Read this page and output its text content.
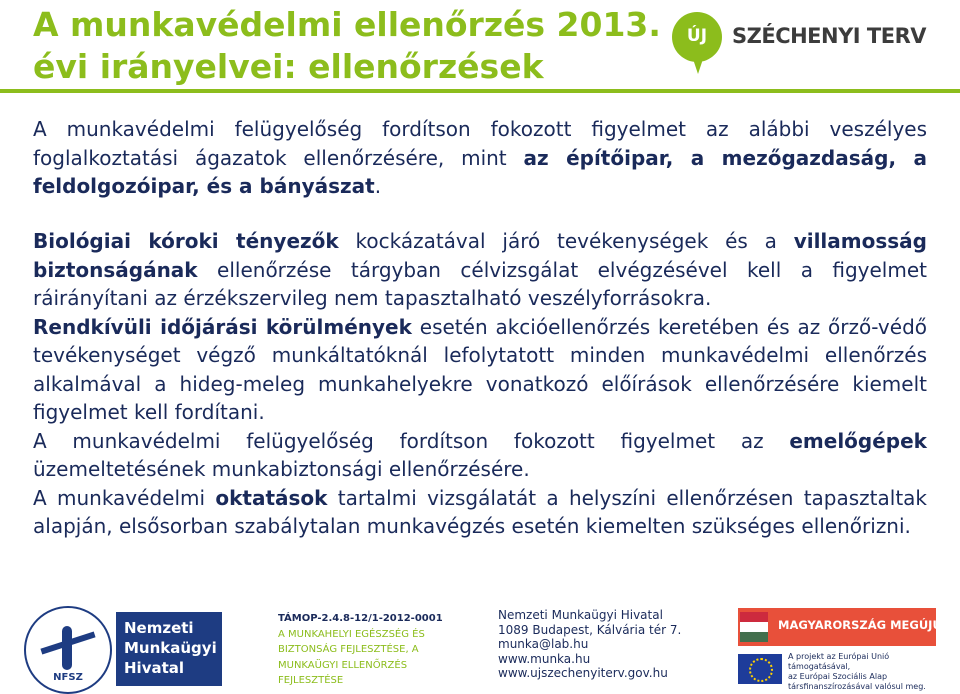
A munkavédelmi ellenőrzés 2013.
évi irányelvei: ellenőrzések
ÚJ	SZÉCHENYI TERV

A munkavédelmi felügyelőség fordítson fokozott figyelmet az alábbi veszélyes foglalkoztatási ágazatok ellenőrzésére, mint az építőipar, a mezőgazdaság, a feldolgozóipar, és a bányászat.

Biológiai kóroki tényezők kockázatával járó tevékenységek és a villamosság biztonságának ellenőrzése tárgyban célvizsgálat elvégzésével kell a figyelmet ráirányítani az érzékszervileg nem tapasztalható veszélyforrásokra.

Rendkívüli időjárási körülmények esetén akcióellenőrzés keretében és az őrző-védő tevékenységet végző munkáltatóknál lefolytatott minden munkavédelmi ellenőrzés alkalmával a hideg-meleg munkahelyekre vonatkozó előírások ellenőrzésére kiemelt figyelmet kell fordítani.

A munkavédelmi felügyelőség fordítson fokozott figyelmet az emelőgépek üzemeltetésének munkabiztonsági ellenőrzésére.

A munkavédelmi oktatások tartalmi vizsgálatát a helyszíni ellenőrzésen tapasztaltak alapján, elsősorban szabálytalan munkavégzés esetén kiemelten szükséges ellenőrizni.

NFSZ
Nemzeti
Munkaügyi
Hivatal
TÁMOP-2.4.8-12/1-2012-0001
A MUNKAHELYI EGÉSZSÉG ÉS
BIZTONSÁG FEJLESZTÉSE, A
MUNKAÜGYI ELLENŐRZÉS
FEJLESZTÉSE
Nemzeti Munkaügyi Hivatal
1089 Budapest, Kálvária tér 7.
munka@lab.hu
www.munka.hu
www.ujszechenyiterv.gov.hu
MAGYARORSZÁG MEGÚJUL
A projekt az Európai Unió támogatásával,
az Európai Szociális Alap
társfinanszírozásával valósul meg.
